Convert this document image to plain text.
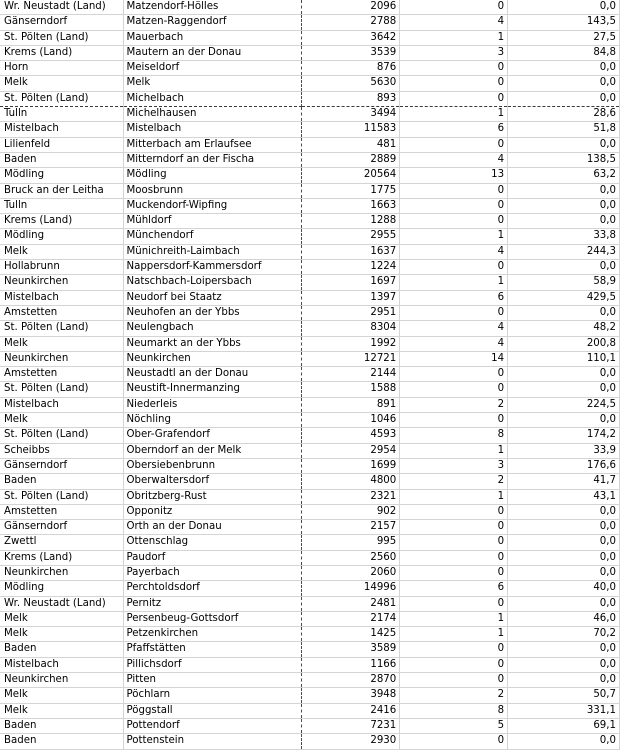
Wr. Neustadt (Land)	Matzendorf-Hölles	2096	0	0,0
Gänserndorf	Matzen-Raggendorf	2788	4	143,5
St. Pölten (Land)	Mauerbach	3642	1	27,5
Krems (Land)	Mautern an der Donau	3539	3	84,8
Horn	Meiseldorf	876	0	0,0
Melk	Melk	5630	0	0,0
St. Pölten (Land)	Michelbach	893	0	0,0
Tulln	Michelhausen	3494	1	28,6
Mistelbach	Mistelbach	11583	6	51,8
Lilienfeld	Mitterbach am Erlaufsee	481	0	0,0
Baden	Mitterndorf an der Fischa	2889	4	138,5
Mödling	Mödling	20564	13	63,2
Bruck an der Leitha	Moosbrunn	1775	0	0,0
Tulln	Muckendorf-Wipfing	1663	0	0,0
Krems (Land)	Mühldorf	1288	0	0,0
Mödling	Münchendorf	2955	1	33,8
Melk	Münichreith-Laimbach	1637	4	244,3
Hollabrunn	Nappersdorf-Kammersdorf	1224	0	0,0
Neunkirchen	Natschbach-Loipersbach	1697	1	58,9
Mistelbach	Neudorf bei Staatz	1397	6	429,5
Amstetten	Neuhofen an der Ybbs	2951	0	0,0
St. Pölten (Land)	Neulengbach	8304	4	48,2
Melk	Neumarkt an der Ybbs	1992	4	200,8
Neunkirchen	Neunkirchen	12721	14	110,1
Amstetten	Neustadtl an der Donau	2144	0	0,0
St. Pölten (Land)	Neustift-Innermanzing	1588	0	0,0
Mistelbach	Niederleis	891	2	224,5
Melk	Nöchling	1046	0	0,0
St. Pölten (Land)	Ober-Grafendorf	4593	8	174,2
Scheibbs	Oberndorf an der Melk	2954	1	33,9
Gänserndorf	Obersiebenbrunn	1699	3	176,6
Baden	Oberwaltersdorf	4800	2	41,7
St. Pölten (Land)	Obritzberg-Rust	2321	1	43,1
Amstetten	Opponitz	902	0	0,0
Gänserndorf	Orth an der Donau	2157	0	0,0
Zwettl	Ottenschlag	995	0	0,0
Krems (Land)	Paudorf	2560	0	0,0
Neunkirchen	Payerbach	2060	0	0,0
Mödling	Perchtoldsdorf	14996	6	40,0
Wr. Neustadt (Land)	Pernitz	2481	0	0,0
Melk	Persenbeug-Gottsdorf	2174	1	46,0
Melk	Petzenkirchen	1425	1	70,2
Baden	Pfaffstätten	3589	0	0,0
Mistelbach	Pillichsdorf	1166	0	0,0
Neunkirchen	Pitten	2870	0	0,0
Melk	Pöchlarn	3948	2	50,7
Melk	Pöggstall	2416	8	331,1
Baden	Pottendorf	7231	5	69,1
Baden	Pottenstein	2930	0	0,0
